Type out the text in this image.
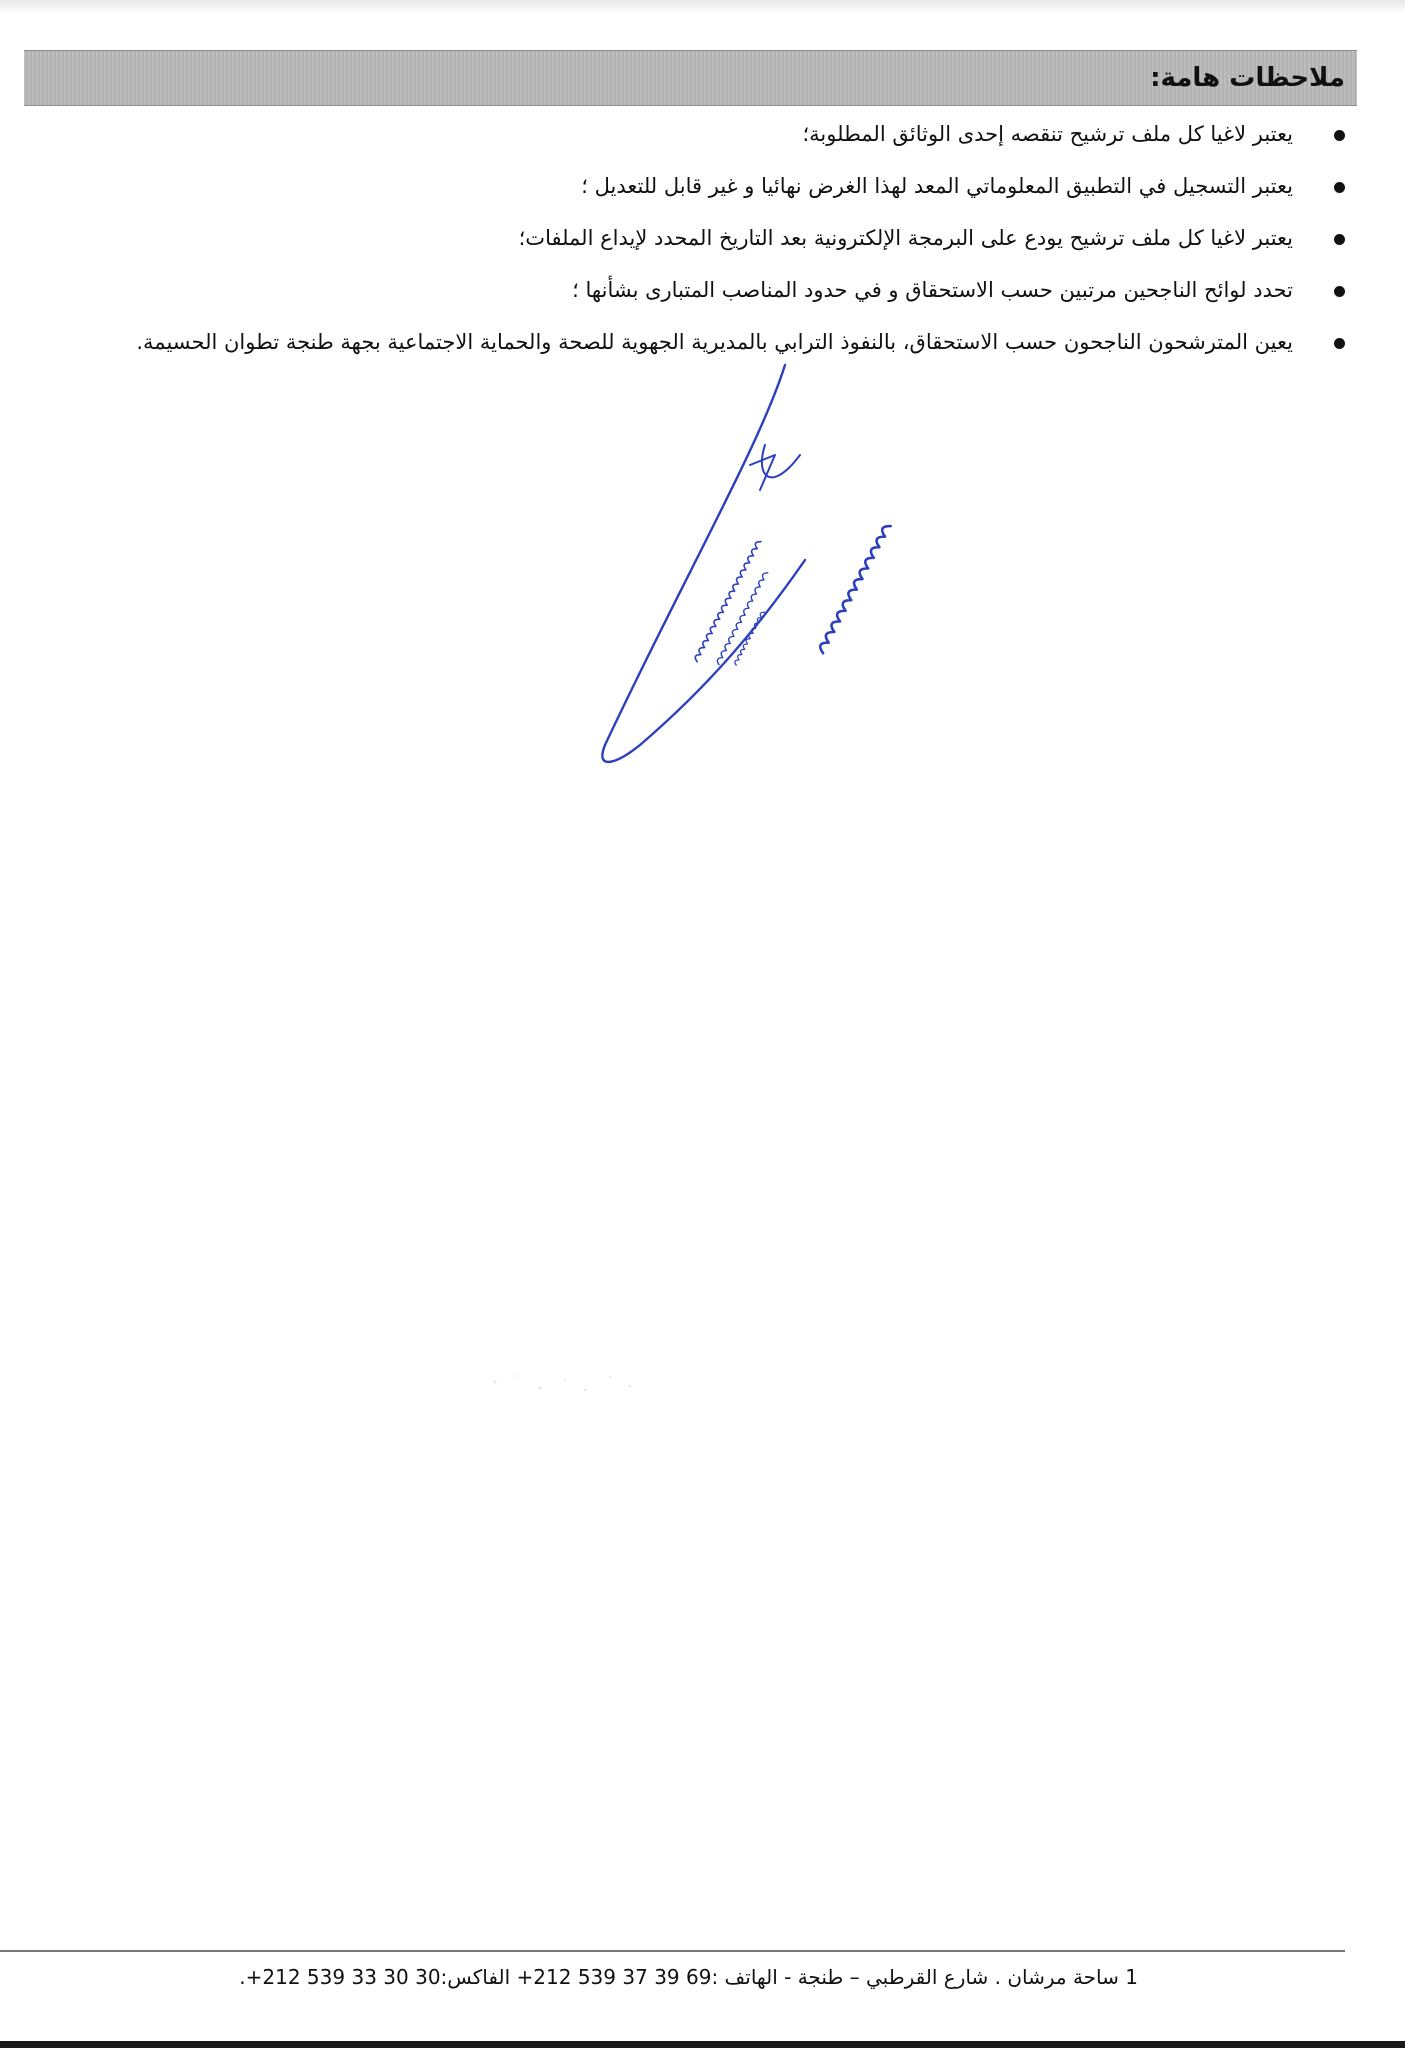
ملاحظات هامة:
يعتبر لاغيا كل ملف ترشيح تنقصه إحدى الوثائق المطلوبة؛
يعتبر التسجيل في التطبيق المعلوماتي المعد لهذا الغرض نهائيا و غير قابل للتعديل ؛
يعتبر لاغيا كل ملف ترشيح يودع على البرمجة الإلكترونية بعد التاريخ المحدد لإيداع الملفات؛
تحدد لوائح الناجحين مرتبين حسب الاستحقاق و في حدود المناصب المتبارى بشأنها ؛
يعين المترشحون الناجحون حسب الاستحقاق، بالنفوذ الترابي بالمديرية الجهوية للصحة والحماية الاجتماعية بجهة طنجة تطوان الحسيمة.

1 ساحة مرشان . شارع القرطبي – طنجة - الهاتف :69 39 37 539 212+ الفاكس:30 30 33 539 212+.
